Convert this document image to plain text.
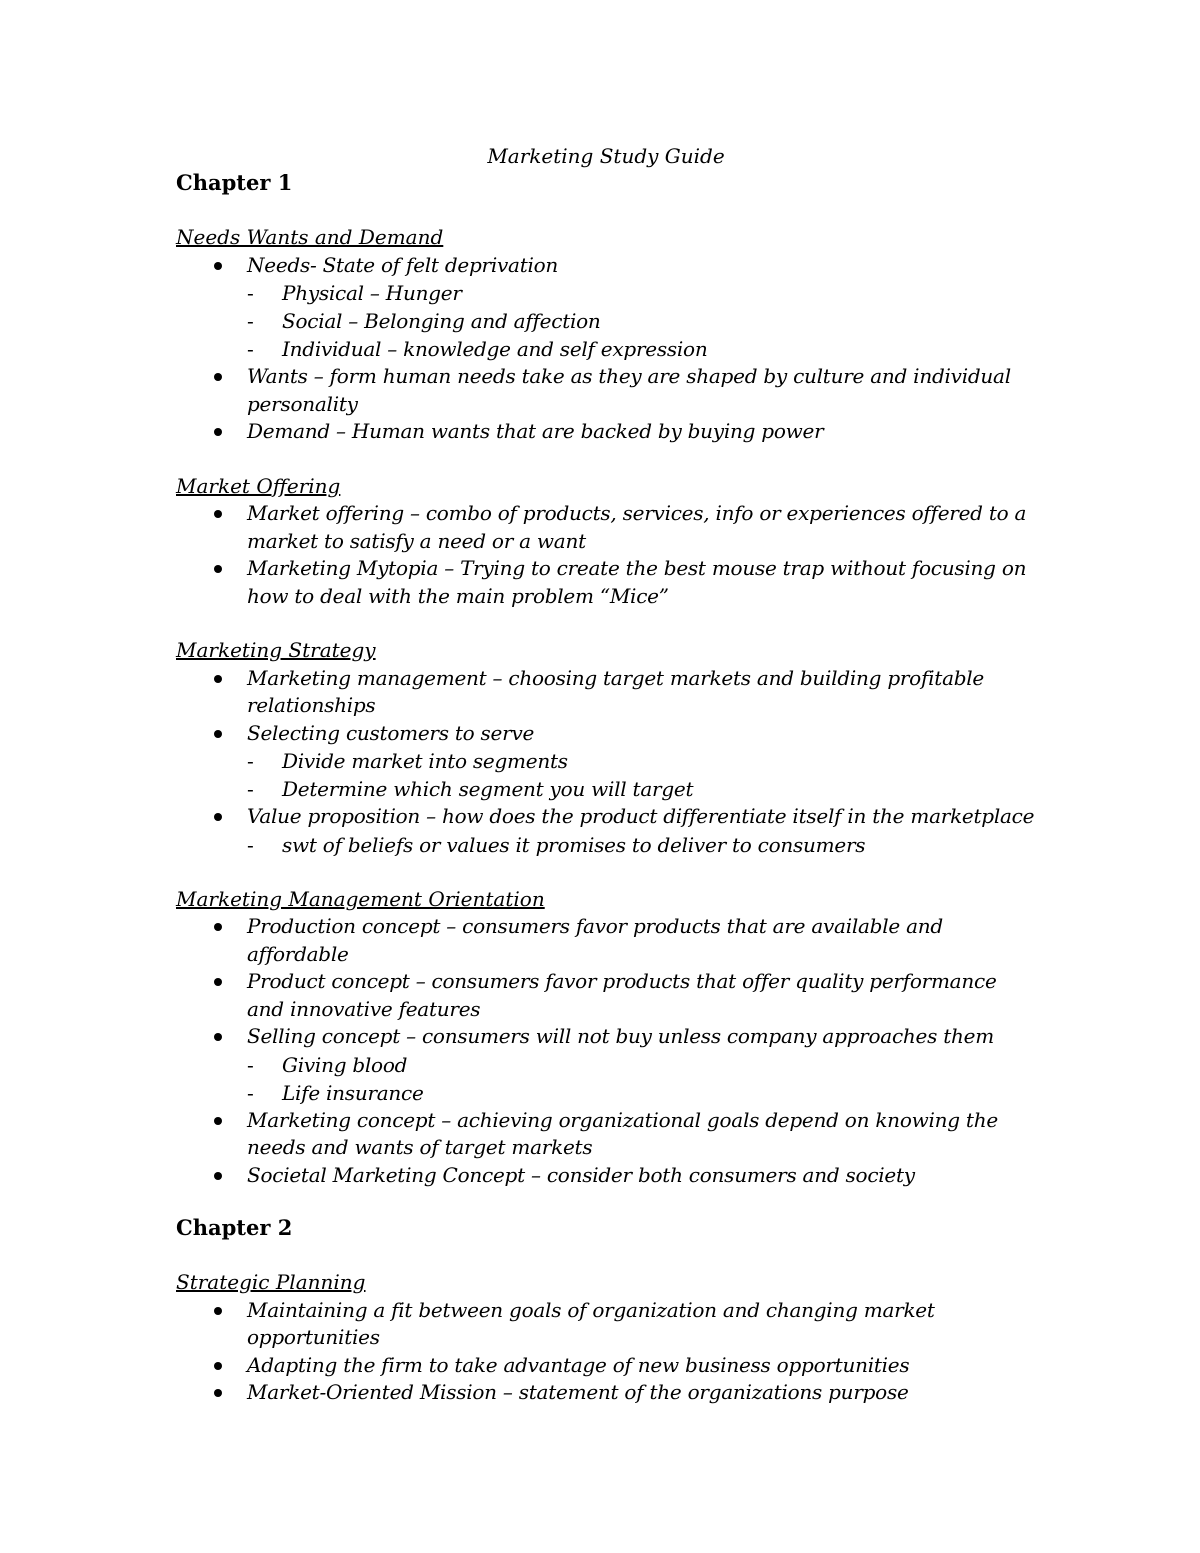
Marketing Study Guide

Chapter 1

Needs Wants and Demand

Needs- State of felt deprivation
- Physical – Hunger
- Social – Belonging and affection
- Individual – knowledge and self expression
Wants – form human needs take as they are shaped by culture and individual personality
Demand – Human wants that are backed by buying power

Market Offering

Market offering – combo of products, services, info or experiences offered to a market to satisfy a need or a want
Marketing Mytopia – Trying to create the best mouse trap without focusing on how to deal with the main problem “Mice”

Marketing Strategy

Marketing management – choosing target markets and building profitable relationships
Selecting customers to serve
- Divide market into segments
- Determine which segment you will target
Value proposition – how does the product differentiate itself in the marketplace
- swt of beliefs or values it promises to deliver to consumers

Marketing Management Orientation

Production concept – consumers favor products that are available and affordable
Product concept – consumers favor products that offer quality performance and innovative features
Selling concept – consumers will not buy unless company approaches them
- Giving blood
- Life insurance
Marketing concept – achieving organizational goals depend on knowing the needs and wants of target markets
Societal Marketing Concept – consider both consumers and society

Chapter 2

Strategic Planning

Maintaining a fit between goals of organization and changing market opportunities
Adapting the firm to take advantage of new business opportunities
Market-Oriented Mission – statement of the organizations purpose
